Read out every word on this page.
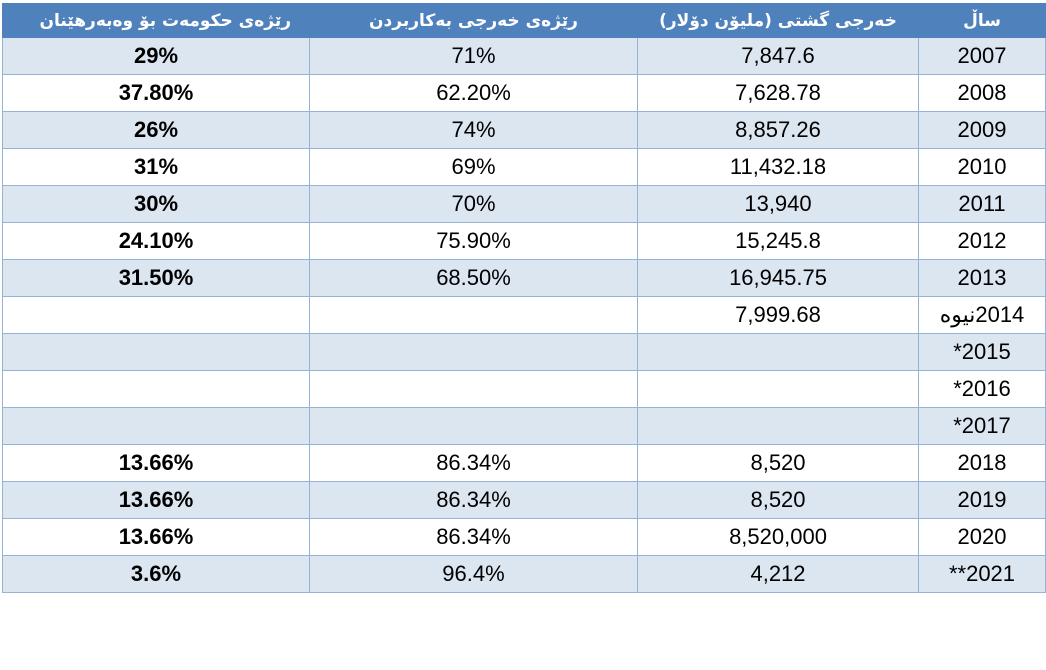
ساڵ	خەرجی گشتی (ملیۆن دۆلار)	رێژەی خەرجی بەکاربردن	رێژەی حکومەت بۆ وەبەرهێنان
2007	7,847.6	71%	29%
2008	7,628.78	62.20%	37.80%
2009	8,857.26	74%	26%
2010	11,432.18	69%	31%
2011	13,940	70%	30%
2012	15,245.8	75.90%	24.10%
2013	16,945.75	68.50%	31.50%
2014نیوە	7,999.68		
2015*			
2016*			
2017*			
2018	8,520	86.34%	13.66%
2019	8,520	86.34%	13.66%
2020	8,520,000	86.34%	13.66%
2021**	4,212	96.4%	3.6%
